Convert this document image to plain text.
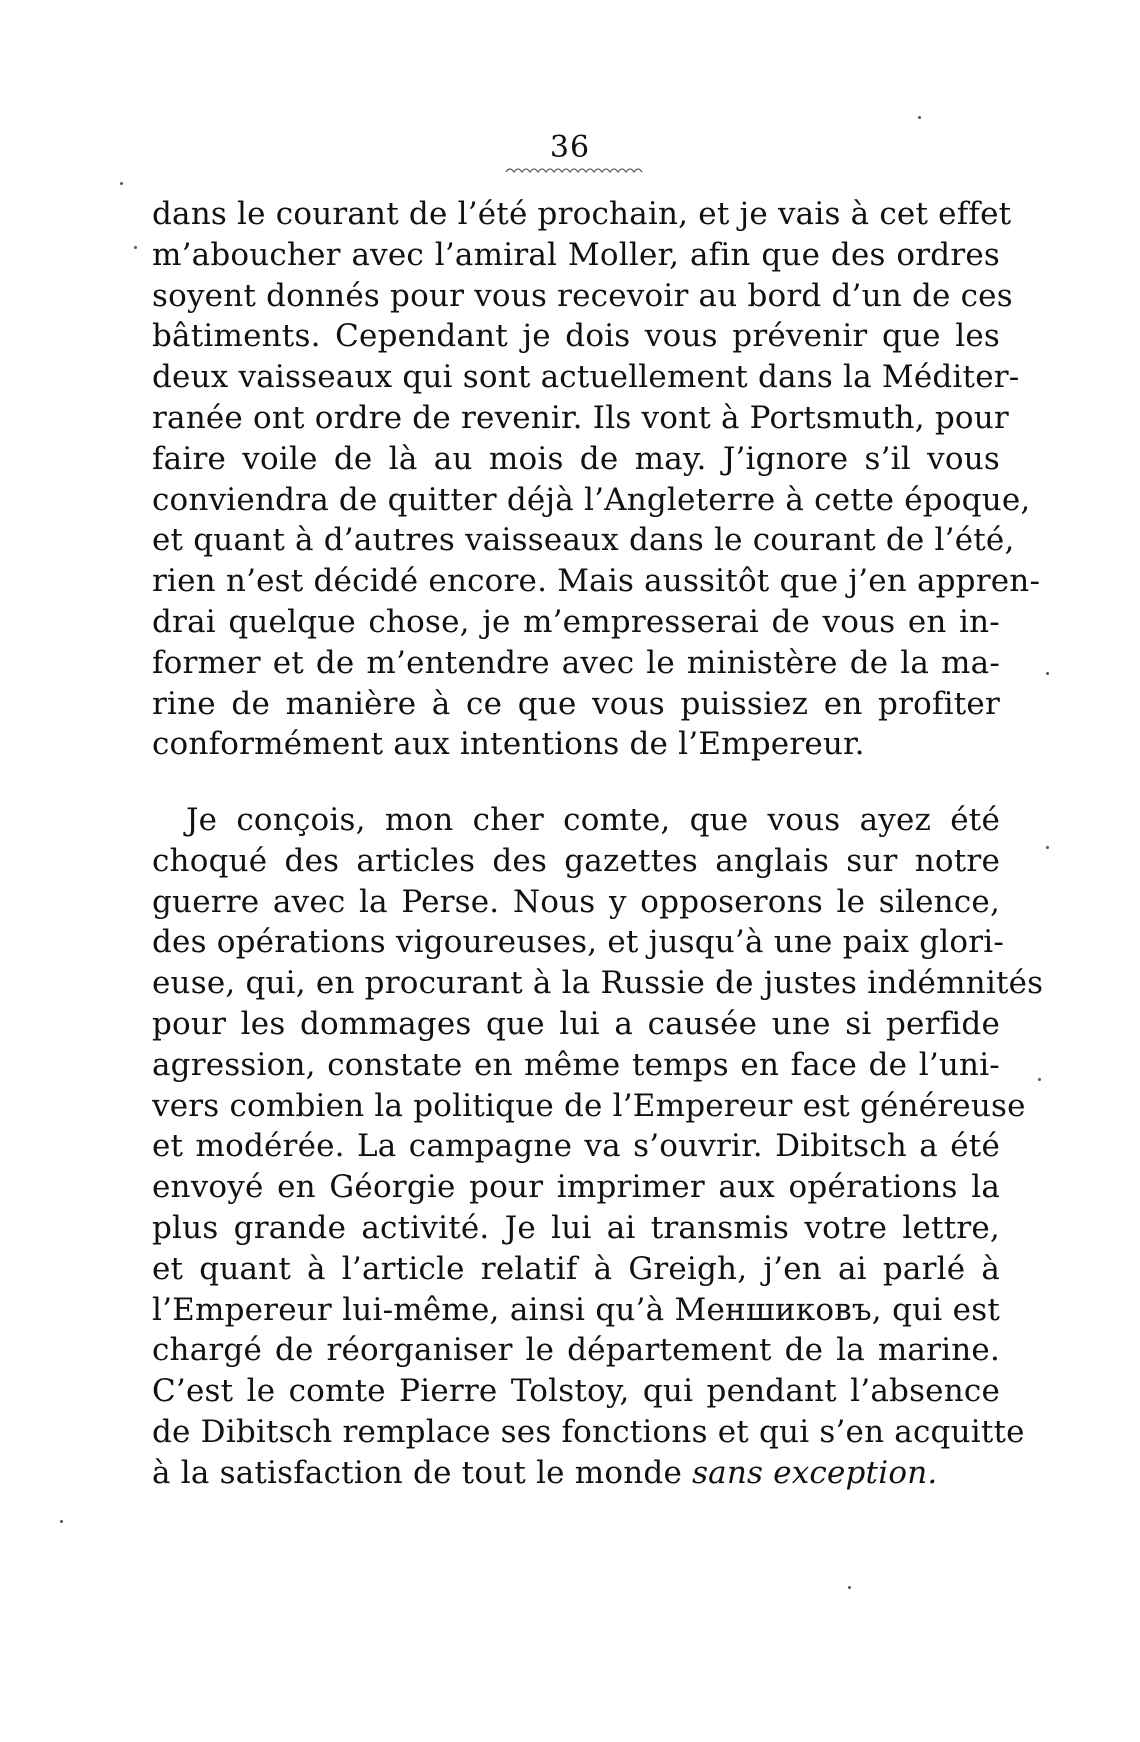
36
dans le courant de l’été prochain, et je vais à cet effet
m’aboucher avec l’amiral Moller, afin que des ordres
soyent donnés pour vous recevoir au bord d’un de ces
bâtiments. Cependant je dois vous prévenir que les
deux vaisseaux qui sont actuellement dans la Méditer-
ranée ont ordre de revenir. Ils vont à Portsmuth, pour
faire voile de là au mois de may. J’ignore s’il vous
conviendra de quitter déjà l’Angleterre à cette époque,
et quant à d’autres vaisseaux dans le courant de l’été,
rien n’est décidé encore. Mais aussitôt que j’en appren-
drai quelque chose, je m’empresserai de vous en in-
former et de m’entendre avec le ministère de la ma-
rine de manière à ce que vous puissiez en profiter
conformément aux intentions de l’Empereur.
Je conçois, mon cher comte, que vous ayez été
choqué des articles des gazettes anglais sur notre
guerre avec la Perse. Nous y opposerons le silence,
des opérations vigoureuses, et jusqu’à une paix glori-
euse, qui, en procurant à la Russie de justes indémnités
pour les dommages que lui a causée une si perfide
agression, constate en même temps en face de l’uni-
vers combien la politique de l’Empereur est généreuse
et modérée. La campagne va s’ouvrir. Dibitsch a été
envoyé en Géorgie pour imprimer aux opérations la
plus grande activité. Je lui ai transmis votre lettre,
et quant à l’article relatif à Greigh, j’en ai parlé à
l’Empereur lui-même, ainsi qu’à Меншиковъ, qui est
chargé de réorganiser le département de la marine.
C’est le comte Pierre Tolstoy, qui pendant l’absence
de Dibitsch remplace ses fonctions et qui s’en acquitte
à la satisfaction de tout le monde sans exception.
